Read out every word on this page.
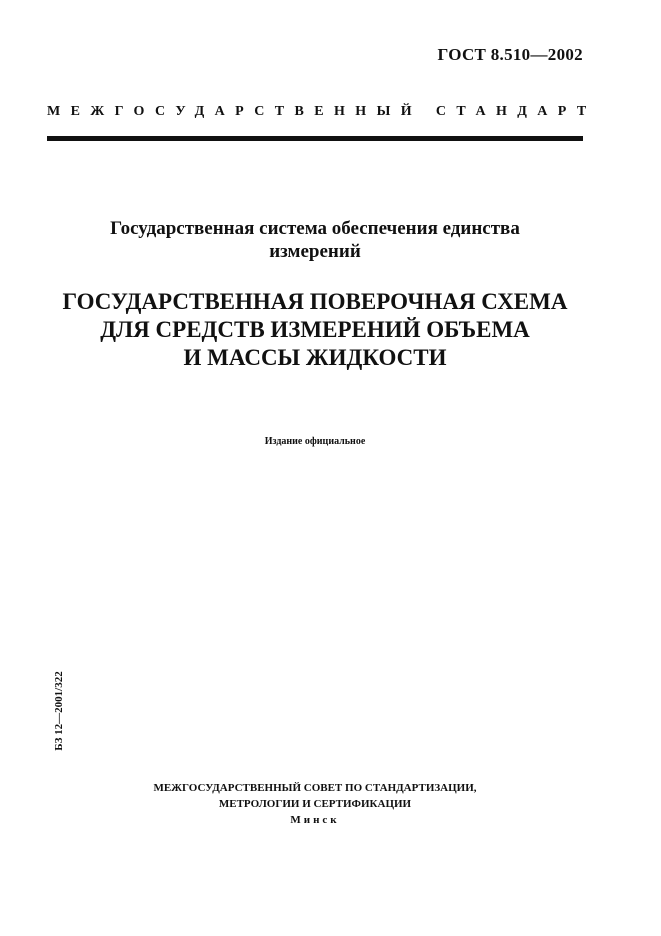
ГОСТ 8.510—2002
МЕЖГОСУДАРСТВЕННЫЙ СТАНДАРТ
Государственная система обеспечения единства
измерений
ГОСУДАРСТВЕННАЯ ПОВЕРОЧНАЯ СХЕМА
ДЛЯ СРЕДСТВ ИЗМЕРЕНИЙ ОБЪЕМА
И МАССЫ ЖИДКОСТИ
Издание официальное
БЗ 12—2001/322
МЕЖГОСУДАРСТВЕННЫЙ СОВЕТ ПО СТАНДАРТИЗАЦИИ,
МЕТРОЛОГИИ И СЕРТИФИКАЦИИ
Минск
